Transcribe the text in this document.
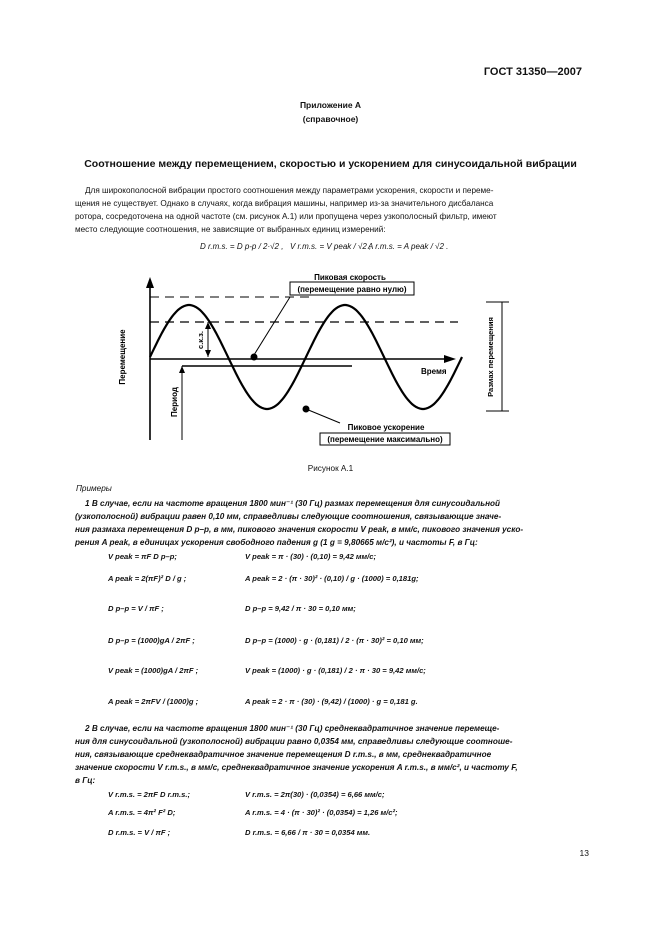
ГОСТ 31350—2007
Приложение А
(справочное)
Соотношение между перемещением, скоростью и ускорением для синусоидальной вибрации
Для широкополосной вибрации простого соотношения между параметрами ускорения, скорости и переме-
щения не существует. Однако в случаях, когда вибрация машины, например из-за значительного дисбаланса
ротора, сосредоточена на одной частоте (см. рисунок А.1) или пропущена через узкополосный фильтр, имеют
место следующие соотношения, не зависящие от выбранных единиц измерений:
D r.m.s. = D p-p / 2·√2 , V r.m.s. = V peak / √2 ,
A r.m.s. = A peak / √2 .
Пиковая скорость
(перемещение равно нулю)
Пиковое ускорение
(перемещение максимально)
Время
Перемещение	с.к.з.
Период
Размах перемещения
Рисунок А.1
Примеры
1 В случае, если на частоте вращения 1800 мин⁻¹ (30 Гц) размах перемещения для синусоидальной
(узкополосной) вибрации равен 0,10 мм, справедливы следующие соотношения, связывающие значе-
ния размаха перемещения D p–p, в мм, пикового значения скорости V peak, в мм/с, пикового значения уско-
рения A peak, в единицах ускорения свободного падения g (1 g = 9,80665 м/с²), и частоты F, в Гц:
V peak = πF D p–p;
A peak = 2(πF)² D / g ;
D p–p = V / πF ;
D p–p = (1000)gA / 2πF ;
V peak = (1000)gA / 2πF ;
A peak = 2πFV / (1000)g ;
V peak = π · (30) · (0,10) = 9,42 мм/с;
A peak = 2 · (π · 30)² · (0,10) / g · (1000) = 0,181g;
D p–p = 9,42 / π · 30 = 0,10 мм;
D p–p = (1000) · g · (0,181) / 2 · (π · 30)² = 0,10 мм;
V peak = (1000) · g · (0,181) / 2 · π · 30 = 9,42 мм/с;
A peak = 2 · π · (30) · (9,42) / (1000) · g = 0,181 g.
2 В случае, если на частоте вращения 1800 мин⁻¹ (30 Гц) среднеквадратичное значение перемеще-
ния для синусоидальной (узкополосной) вибрации равно 0,0354 мм, справедливы следующие соотноше-
ния, связывающие среднеквадратичное значение перемещения D r.m.s., в мм, среднеквадратичное
значение скорости V r.m.s., в мм/с, среднеквадратичное значение ускорения A r.m.s., в мм/с², и частоту F,
в Гц:
V r.m.s. = 2πF D r.m.s.;
A r.m.s. = 4π² F² D;
D r.m.s. = V / πF ;
V r.m.s. = 2π(30) · (0,0354) = 6,66 мм/с;
A r.m.s. = 4 · (π · 30)² · (0,0354) = 1,26 м/с²;
D r.m.s. = 6,66 / π · 30 = 0,0354 мм.
13
